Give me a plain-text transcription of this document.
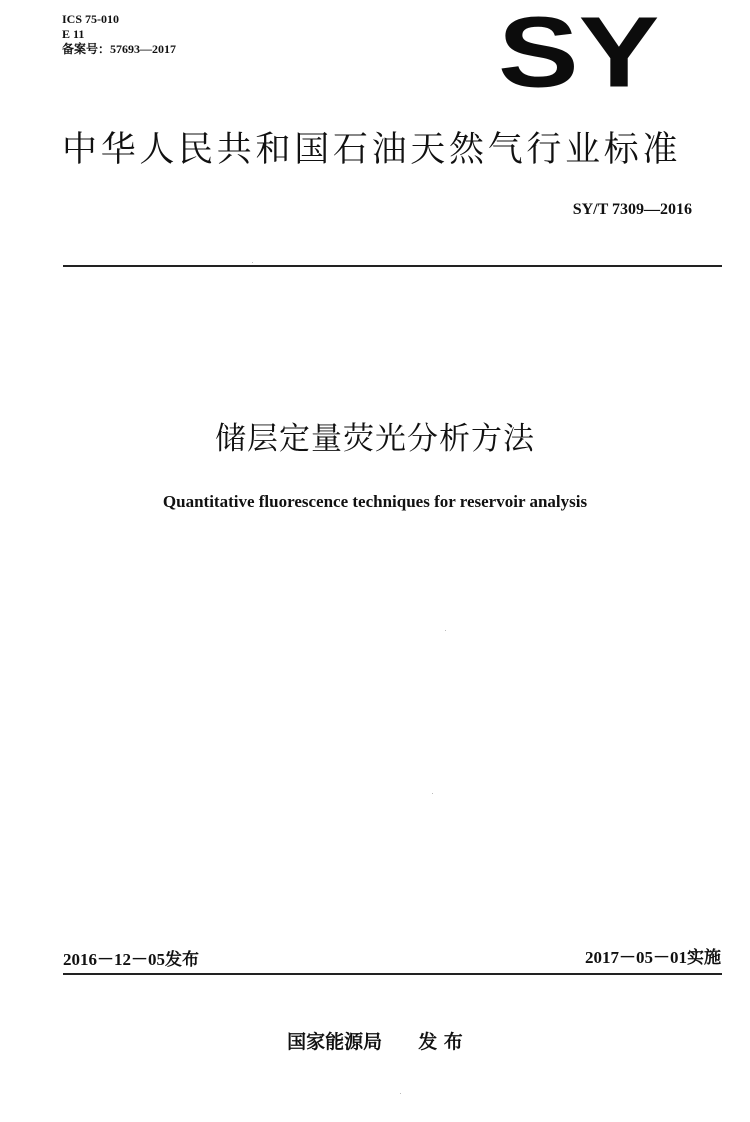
ICS 75-010
E 11
备案号：57693—2017	SY
中华人民共和国石油天然气行业标准
SY/T 7309—2016
储层定量荧光分析方法
Quantitative fluorescence techniques for reservoir analysis
2016－12－05发布	2017－05－01实施
国家能源局 发 布
